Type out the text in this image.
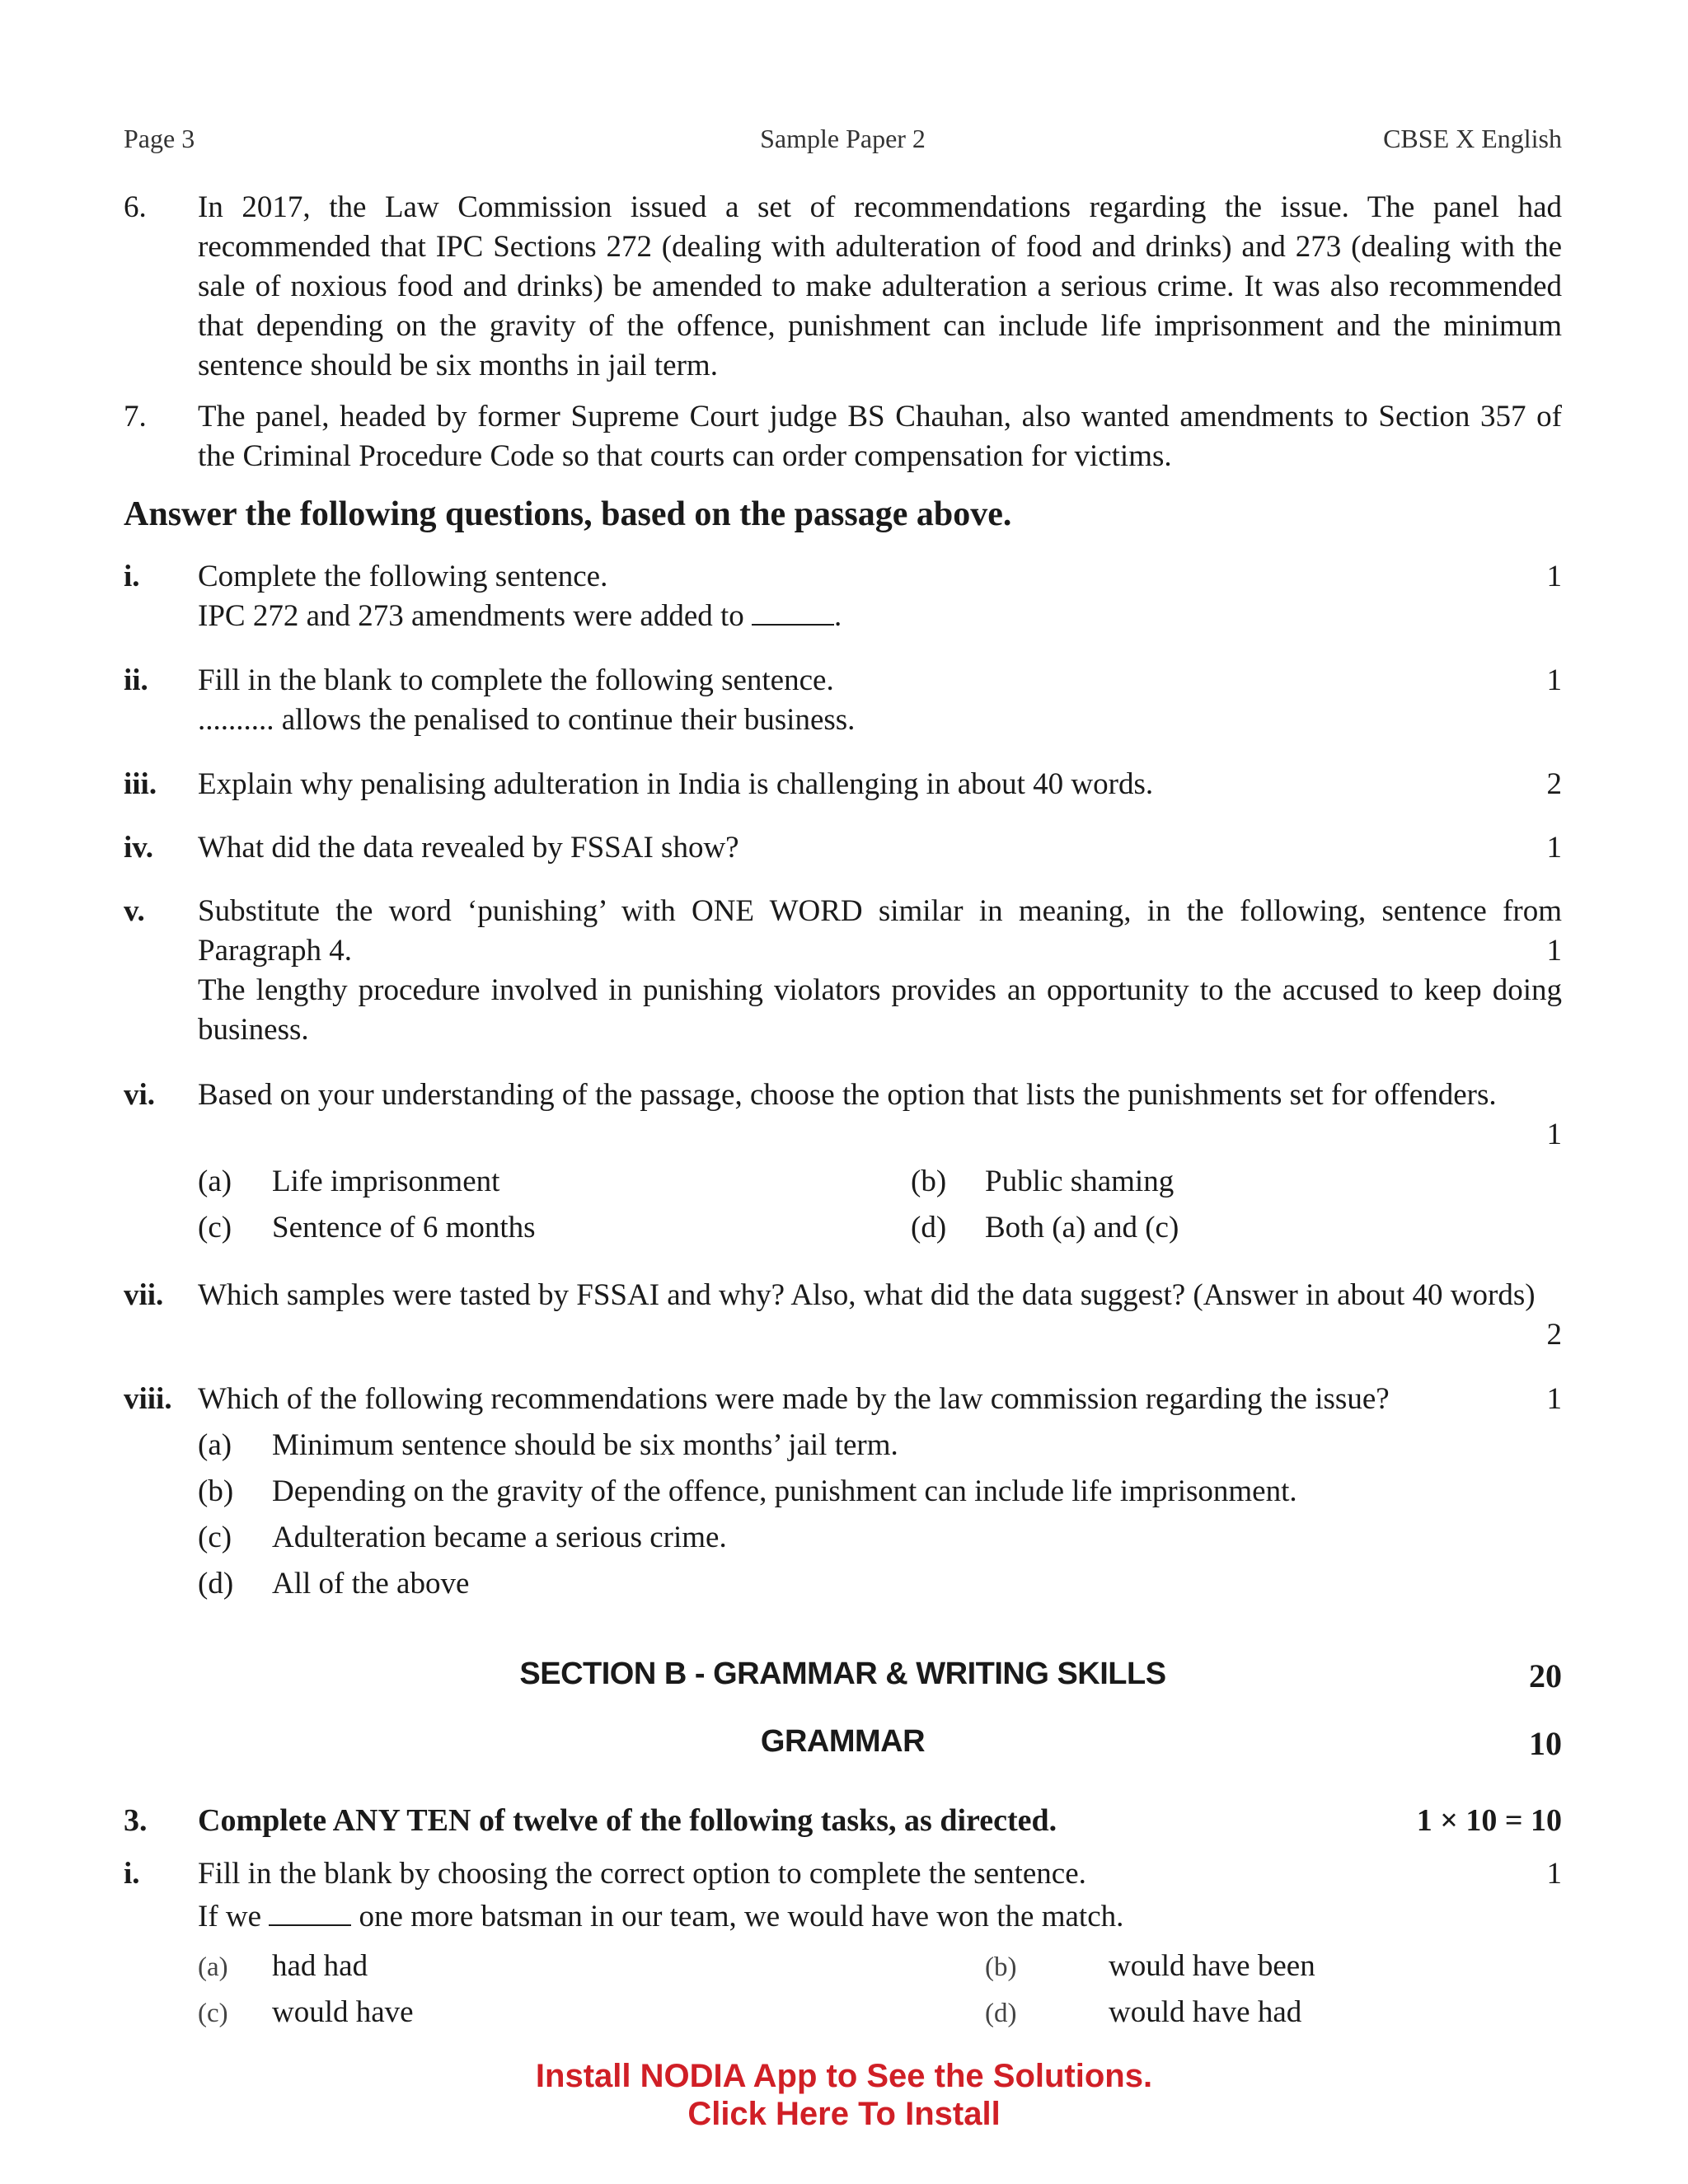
Page 3	Sample Paper 2	CBSE X English
6. In 2017, the Law Commission issued a set of recommendations regarding the issue. The panel had recommended that IPC Sections 272 (dealing with adulteration of food and drinks) and 273 (dealing with the sale of noxious food and drinks) be amended to make adulteration a serious crime. It was also recommended that depending on the gravity of the offence, punishment can include life imprisonment and the minimum sentence should be six months in jail term.
7. The panel, headed by former Supreme Court judge BS Chauhan, also wanted amendments to Section 357 of the Criminal Procedure Code so that courts can order compensation for victims.
Answer the following questions, based on the passage above.
i. Complete the following sentence.
IPC 272 and 273 amendments were added to	.
1
ii. Fill in the blank to complete the following sentence.
.......... allows the penalised to continue their business.
1
iii. Explain why penalising adulteration in India is challenging in about 40 words.	2
iv. What did the data revealed by FSSAI show?	1
v. Substitute the word ‘punishing’ with ONE WORD similar in meaning, in the following, sentence from Paragraph 4.
The lengthy procedure involved in punishing violators provides an opportunity to the accused to keep doing business.
1
vi. Based on your understanding of the passage, choose the option that lists the punishments set for offenders.
1
(a) Life imprisonment	(b) Public shaming
(c) Sentence of 6 months	(d) Both (a) and (c)
vii. Which samples were tasted by FSSAI and why? Also, what did the data suggest? (Answer in about 40 words)
2
viii. Which of the following recommendations were made by the law commission regarding the issue?	1
(a) Minimum sentence should be six months’ jail term.
(b) Depending on the gravity of the offence, punishment can include life imprisonment.
(c) Adulteration became a serious crime.
(d) All of the above
SECTION B - GRAMMAR & WRITING SKILLS	20
GRAMMAR	10
3. Complete ANY TEN of twelve of the following tasks, as directed.	1 × 10 = 10
i. Fill in the blank by choosing the correct option to complete the sentence.
If we	one more batsman in our team, we would have won the match.
1
(a) had had	(b)	would have been
(c) would have	(d)	would have had
Install NODIA App to See the Solutions.
Click Here To Install
